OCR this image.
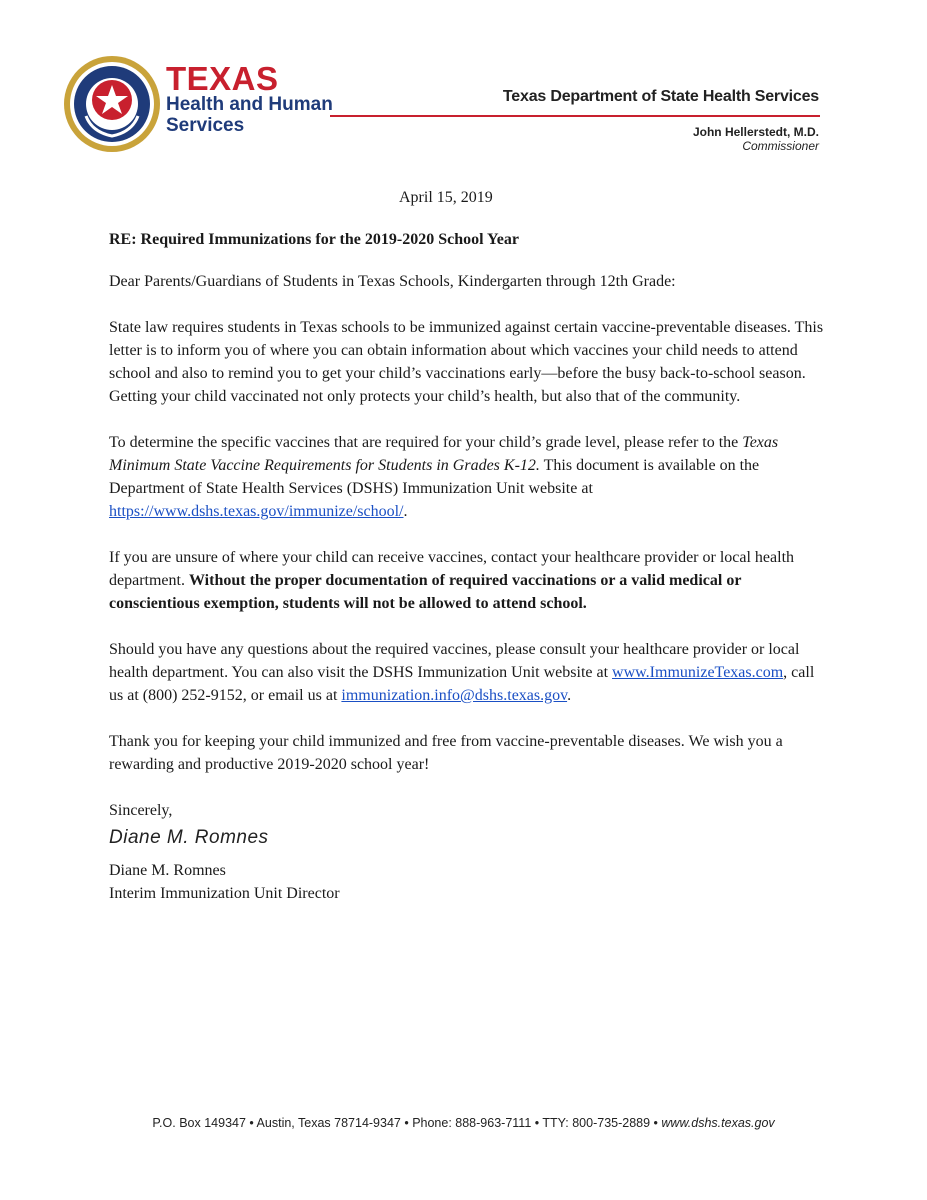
TEXAS
Health and Human
Services
Texas Department of State Health Services
John Hellerstedt, M.D.
Commissioner
April 15, 2019
RE: Required Immunizations for the 2019-2020 School Year

Dear Parents/Guardians of Students in Texas Schools, Kindergarten through 12th Grade:

State law requires students in Texas schools to be immunized against certain vaccine-preventable diseases. This letter is to inform you of where you can obtain information about which vaccines your child needs to attend school and also to remind you to get your child’s vaccinations early—before the busy back-to-school season. Getting your child vaccinated not only protects your child’s health, but also that of the community.

To determine the specific vaccines that are required for your child’s grade level, please refer to the Texas Minimum State Vaccine Requirements for Students in Grades K-12. This document is available on the Department of State Health Services (DSHS) Immunization Unit website at https://www.dshs.texas.gov/immunize/school/.

If you are unsure of where your child can receive vaccines, contact your healthcare provider or local health department. Without the proper documentation of required vaccinations or a valid medical or conscientious exemption, students will not be allowed to attend school.

Should you have any questions about the required vaccines, please consult your healthcare provider or local health department. You can also visit the DSHS Immunization Unit website at www.ImmunizeTexas.com, call us at (800) 252-9152, or email us at immunization.info@dshs.texas.gov.

Thank you for keeping your child immunized and free from vaccine-preventable diseases. We wish you a rewarding and productive 2019-2020 school year!

Sincerely,
Diane M. Romnes
Diane M. Romnes
Interim Immunization Unit Director
P.O. Box 149347 • Austin, Texas 78714-9347 • Phone: 888-963-7111 • TTY: 800-735-2889 • www.dshs.texas.gov
